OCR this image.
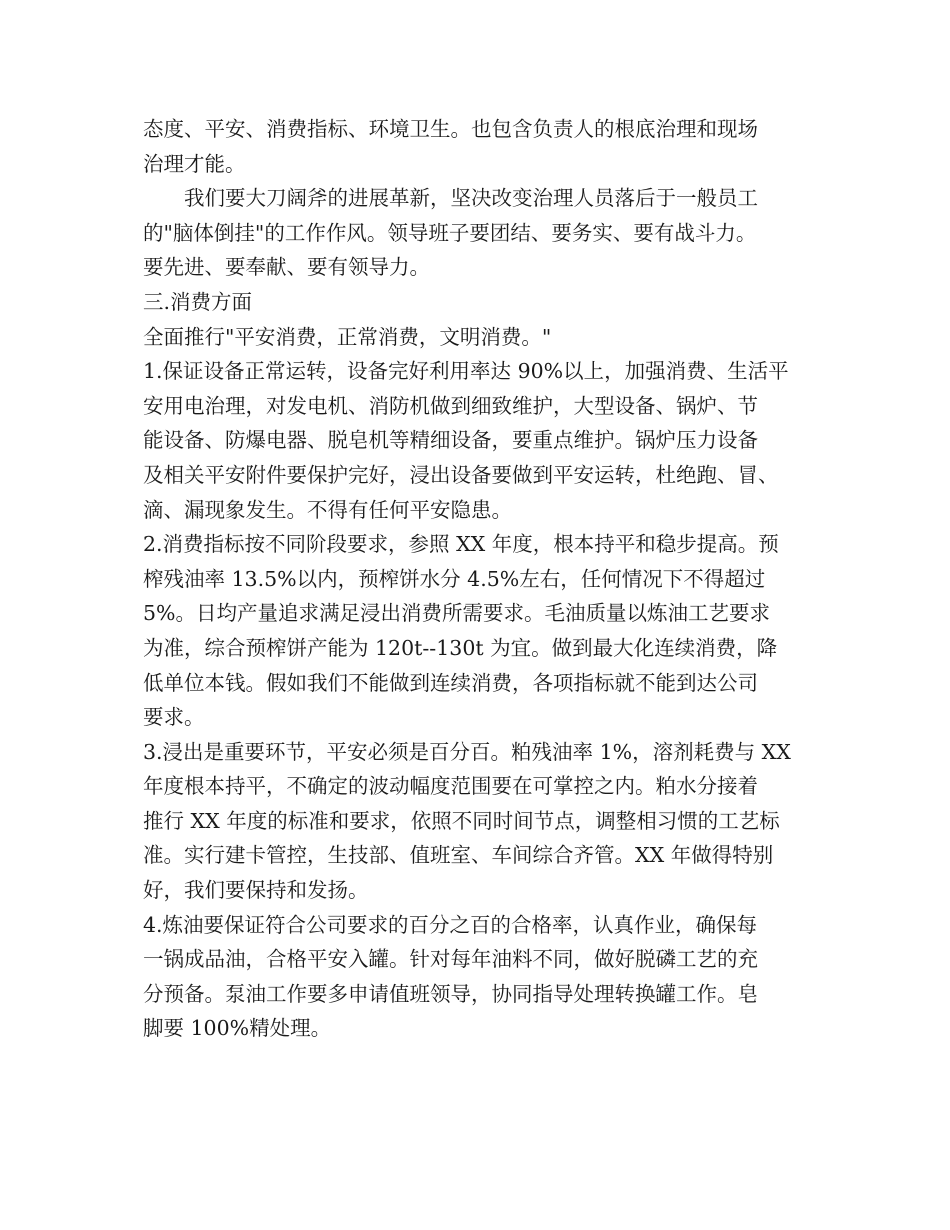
态度、平安、消费指标、环境卫生。也包含负责人的根底治理和现场
治理才能。
　　我们要大刀阔斧的进展革新，坚决改变治理人员落后于一般员工
的"脑体倒挂"的工作作风。领导班子要团结、要务实、要有战斗力。
要先进、要奉献、要有领导力。
三.消费方面
全面推行"平安消费，正常消费，文明消费。"
1.保证设备正常运转，设备完好利用率达 90%以上，加强消费、生活平
安用电治理，对发电机、消防机做到细致维护，大型设备、锅炉、节
能设备、防爆电器、脱皂机等精细设备，要重点维护。锅炉压力设备
及相关平安附件要保护完好，浸出设备要做到平安运转，杜绝跑、冒、
滴、漏现象发生。不得有任何平安隐患。
2.消费指标按不同阶段要求，参照 XX 年度，根本持平和稳步提高。预
榨残油率 13.5%以内，预榨饼水分 4.5%左右，任何情况下不得超过
5%。日均产量追求满足浸出消费所需要求。毛油质量以炼油工艺要求
为准，综合预榨饼产能为 120t--130t 为宜。做到最大化连续消费，降
低单位本钱。假如我们不能做到连续消费，各项指标就不能到达公司
要求。
3.浸出是重要环节，平安必须是百分百。粕残油率 1%，溶剂耗费与 XX
年度根本持平，不确定的波动幅度范围要在可掌控之内。粕水分接着
推行 XX 年度的标准和要求，依照不同时间节点，调整相习惯的工艺标
准。实行建卡管控，生技部、值班室、车间综合齐管。XX 年做得特别
好，我们要保持和发扬。
4.炼油要保证符合公司要求的百分之百的合格率，认真作业，确保每
一锅成品油，合格平安入罐。针对每年油料不同，做好脱磷工艺的充
分预备。泵油工作要多申请值班领导，协同指导处理转换罐工作。皂
脚要 100%精处理。
